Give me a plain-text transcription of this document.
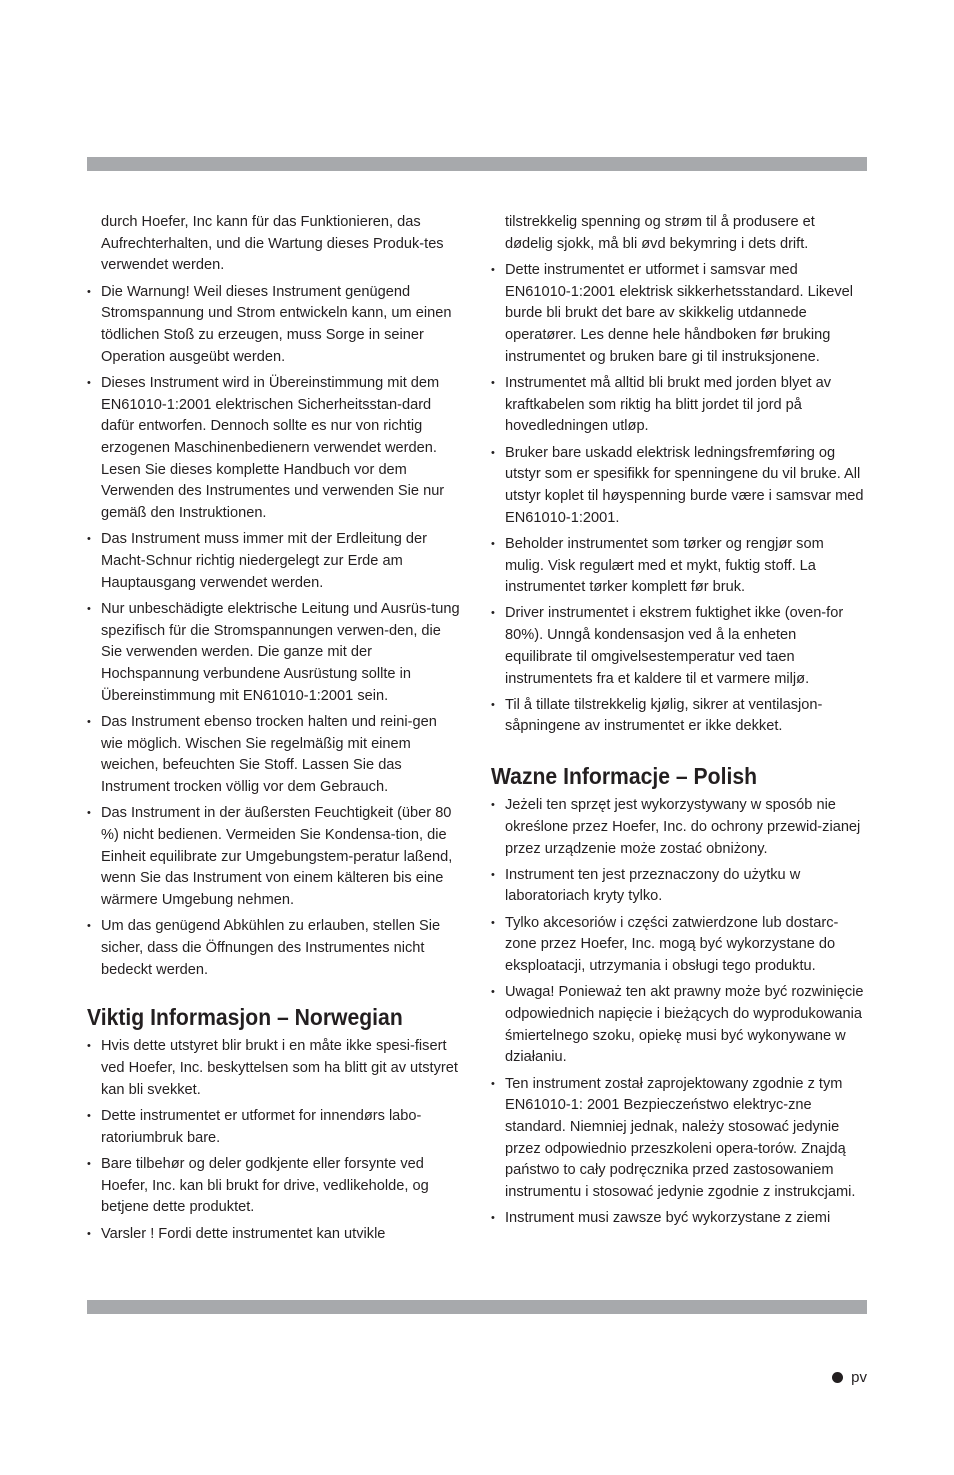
durch Hoefer, Inc kann für das Funktionieren, das Aufrechterhalten, und die Wartung dieses Produk-tes verwendet werden.

• Die Warnung! Weil dieses Instrument genügend Stromspannung und Strom entwickeln kann, um einen tödlichen Stoß zu erzeugen, muss Sorge in seiner Operation ausgeübt werden.
• Dieses Instrument wird in Übereinstimmung mit dem EN61010-1:2001 elektrischen Sicherheitsstan-dard dafür entworfen. Dennoch sollte es nur von richtig erzogenen Maschinenbedienern verwendet werden. Lesen Sie dieses komplette Handbuch vor dem Verwenden des Instrumentes und verwenden Sie nur gemäß den Instruktionen.
• Das Instrument muss immer mit der Erdleitung der Macht-Schnur richtig niedergelegt zur Erde am Hauptausgang verwendet werden.
• Nur unbeschädigte elektrische Leitung und Ausrüs-tung spezifisch für die Stromspannungen verwen-den, die Sie verwenden werden. Die ganze mit der Hochspannung verbundene Ausrüstung sollte in Übereinstimmung mit EN61010-1:2001 sein.
• Das Instrument ebenso trocken halten und reini-gen wie möglich. Wischen Sie regelmäßig mit einem weichen, befeuchten Sie Stoff. Lassen Sie das Instrument trocken völlig vor dem Gebrauch.
• Das Instrument in der äußersten Feuchtigkeit (über 80 %) nicht bedienen. Vermeiden Sie Kondensa-tion, die Einheit equilibrate zur Umgebungstem-peratur laßend, wenn Sie das Instrument von einem kälteren bis eine wärmere Umgebung nehmen.
• Um das genügend Abkühlen zu erlauben, stellen Sie sicher, dass die Öffnungen des Instrumentes nicht bedeckt werden.
Viktig Informasjon – Norwegian
• Hvis dette utstyret blir brukt i en måte ikke spesi-fisert ved Hoefer, Inc. beskyttelsen som ha blitt git av utstyret kan bli svekket.
• Dette instrumentet er utformet for innendørs labo-ratoriumbruk bare.
• Bare tilbehør og deler godkjente eller forsynte ved Hoefer, Inc. kan bli brukt for drive, vedlikeholde, og betjene dette produktet.
• Varsler ! Fordi dette instrumentet kan utvikle

tilstrekkelig spenning og strøm til å produsere et dødelig sjokk, må bli øvd bekymring i dets drift.

• Dette instrumentet er utformet i samsvar med EN61010-1:2001 elektrisk sikkerhetsstandard. Likevel burde bli brukt det bare av skikkelig utdannede operatører. Les denne hele håndboken før bruking instrumentet og bruken bare gi til instruksjonene.
• Instrumentet må alltid bli brukt med jorden blyet av kraftkabelen som riktig ha blitt jordet til jord på hovedledningen utløp.
• Bruker bare uskadd elektrisk ledningsfremføring og utstyr som er spesifikk for spenningene du vil bruke. All utstyr koplet til høyspenning burde være i samsvar med EN61010-1:2001.
• Beholder instrumentet som tørker og rengjør som mulig. Visk regulært med et mykt, fuktig stoff. La instrumentet tørker komplett før bruk.
• Driver instrumentet i ekstrem fuktighet ikke (oven-for 80%). Unngå kondensasjon ved å la enheten equilibrate til omgivelsestemperatur ved taen instrumentets fra et kaldere til et varmere miljø.
• Til å tillate tilstrekkelig kjølig, sikrer at ventilasjon-såpningene av instrumentet er ikke dekket.
Wazne Informacje – Polish
• Jeżeli ten sprzęt jest wykorzystywany w sposób nie określone przez Hoefer, Inc. do ochrony przewid-zianej przez urządzenie może zostać obniżony.
• Instrument ten jest przeznaczony do użytku w laboratoriach kryty tylko.
• Tylko akcesoriów i części zatwierdzone lub dostarc-zone przez Hoefer, Inc. mogą być wykorzystane do eksploatacji, utrzymania i obsługi tego produktu.
• Uwaga! Ponieważ ten akt prawny może być rozwinięcie odpowiednich napięcie i bieżących do wyprodukowania śmiertelnego szoku, opiekę musi być wykonywane w działaniu.
• Ten instrument został zaprojektowany zgodnie z tym EN61010-1: 2001 Bezpieczeństwo elektryc-zne standard. Niemniej jednak, należy stosować jedynie przez odpowiednio przeszkoleni opera-torów. Znajdą państwo to cały podręcznika przed zastosowaniem instrumentu i stosować jedynie zgodnie z instrukcjami.
• Instrument musi zawsze być wykorzystane z ziemi
pv
